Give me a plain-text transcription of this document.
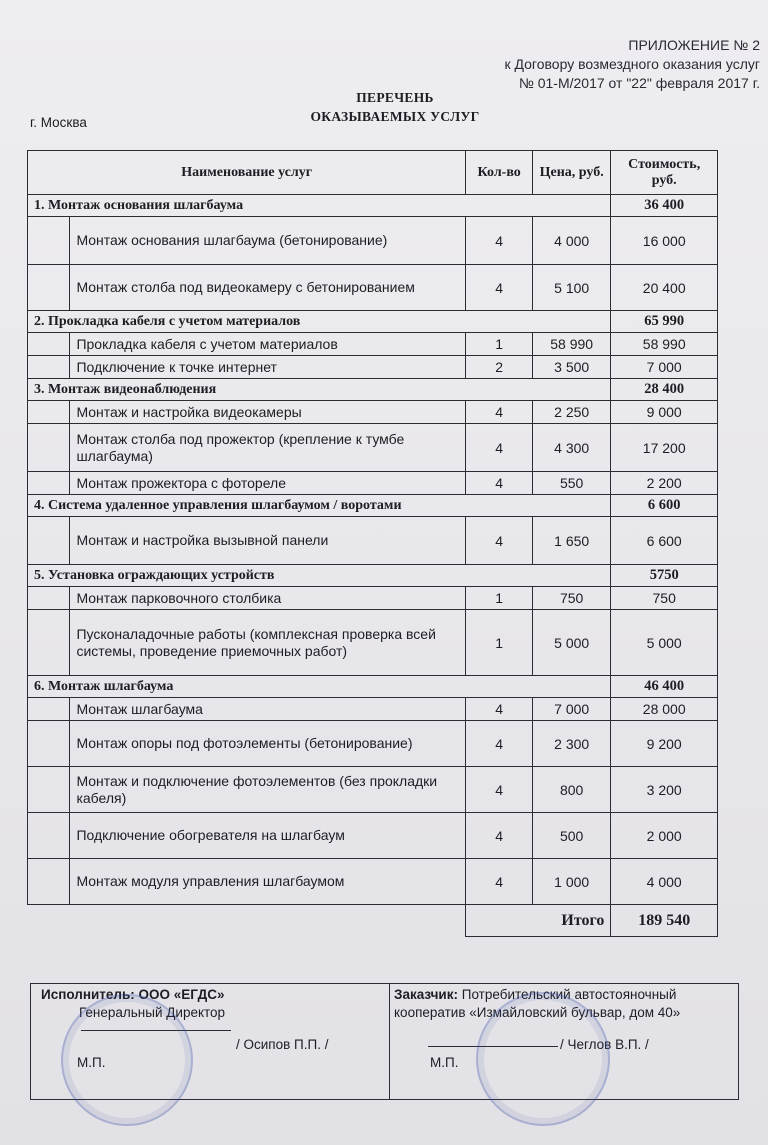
ПРИЛОЖЕНИЕ № 2
к Договору возмездного оказания услуг
№ 01-М/2017 от "22" февраля 2017 г.
ПЕРЕЧЕНЬ
ОКАЗЫВАЕМЫХ УСЛУГ
г. Москва
Наименование услуг		Кол-во	Цена, руб.	Стоимость, руб.
1. Монтаж основания шлагбаума				36 400
	Монтаж основания шлагбаума (бетонирование)	4	4 000	16 000
	Монтаж столба под видеокамеру с бетонированием	4	5 100	20 400
2. Прокладка кабеля с учетом материалов				65 990
	Прокладка кабеля с учетом материалов	1	58 990	58 990
	Подключение к точке интернет	2	3 500	7 000
3. Монтаж видеонаблюдения				28 400
	Монтаж и настройка видеокамеры	4	2 250	9 000
	Монтаж столба под прожектор (крепление к тумбе шлагбаума)	4	4 300	17 200
	Монтаж прожектора с фотореле	4	550	2 200
4. Система удаленное управления шлагбаумом / воротами				6 600
	Монтаж и настройка вызывной панели	4	1 650	6 600
5. Установка ограждающих устройств				5750
	Монтаж парковочного столбика	1	750	750
	Пусконаладочные работы (комплексная проверка всей системы, проведение приемочных работ)	1	5 000	5 000
6. Монтаж шлагбаума				46 400
	Монтаж шлагбаума	4	7 000	28 000
	Монтаж опоры под фотоэлементы (бетонирование)	4	2 300	9 200
	Монтаж и подключение фотоэлементов (без прокладки кабеля)	4	800	3 200
	Подключение обогревателя на шлагбаум	4	500	2 000
	Монтаж модуля управления шлагбаумом	4	1 000	4 000
		Итого		189 540
Исполнитель: ООО «ЕГДС»
Генеральный Директор
/ Осипов П.П. /
М.П.
Заказчик: Потребительский автостояночный кооператив «Измайловский бульвар, дом 40»
/ Чеглов В.П. /
М.П.
